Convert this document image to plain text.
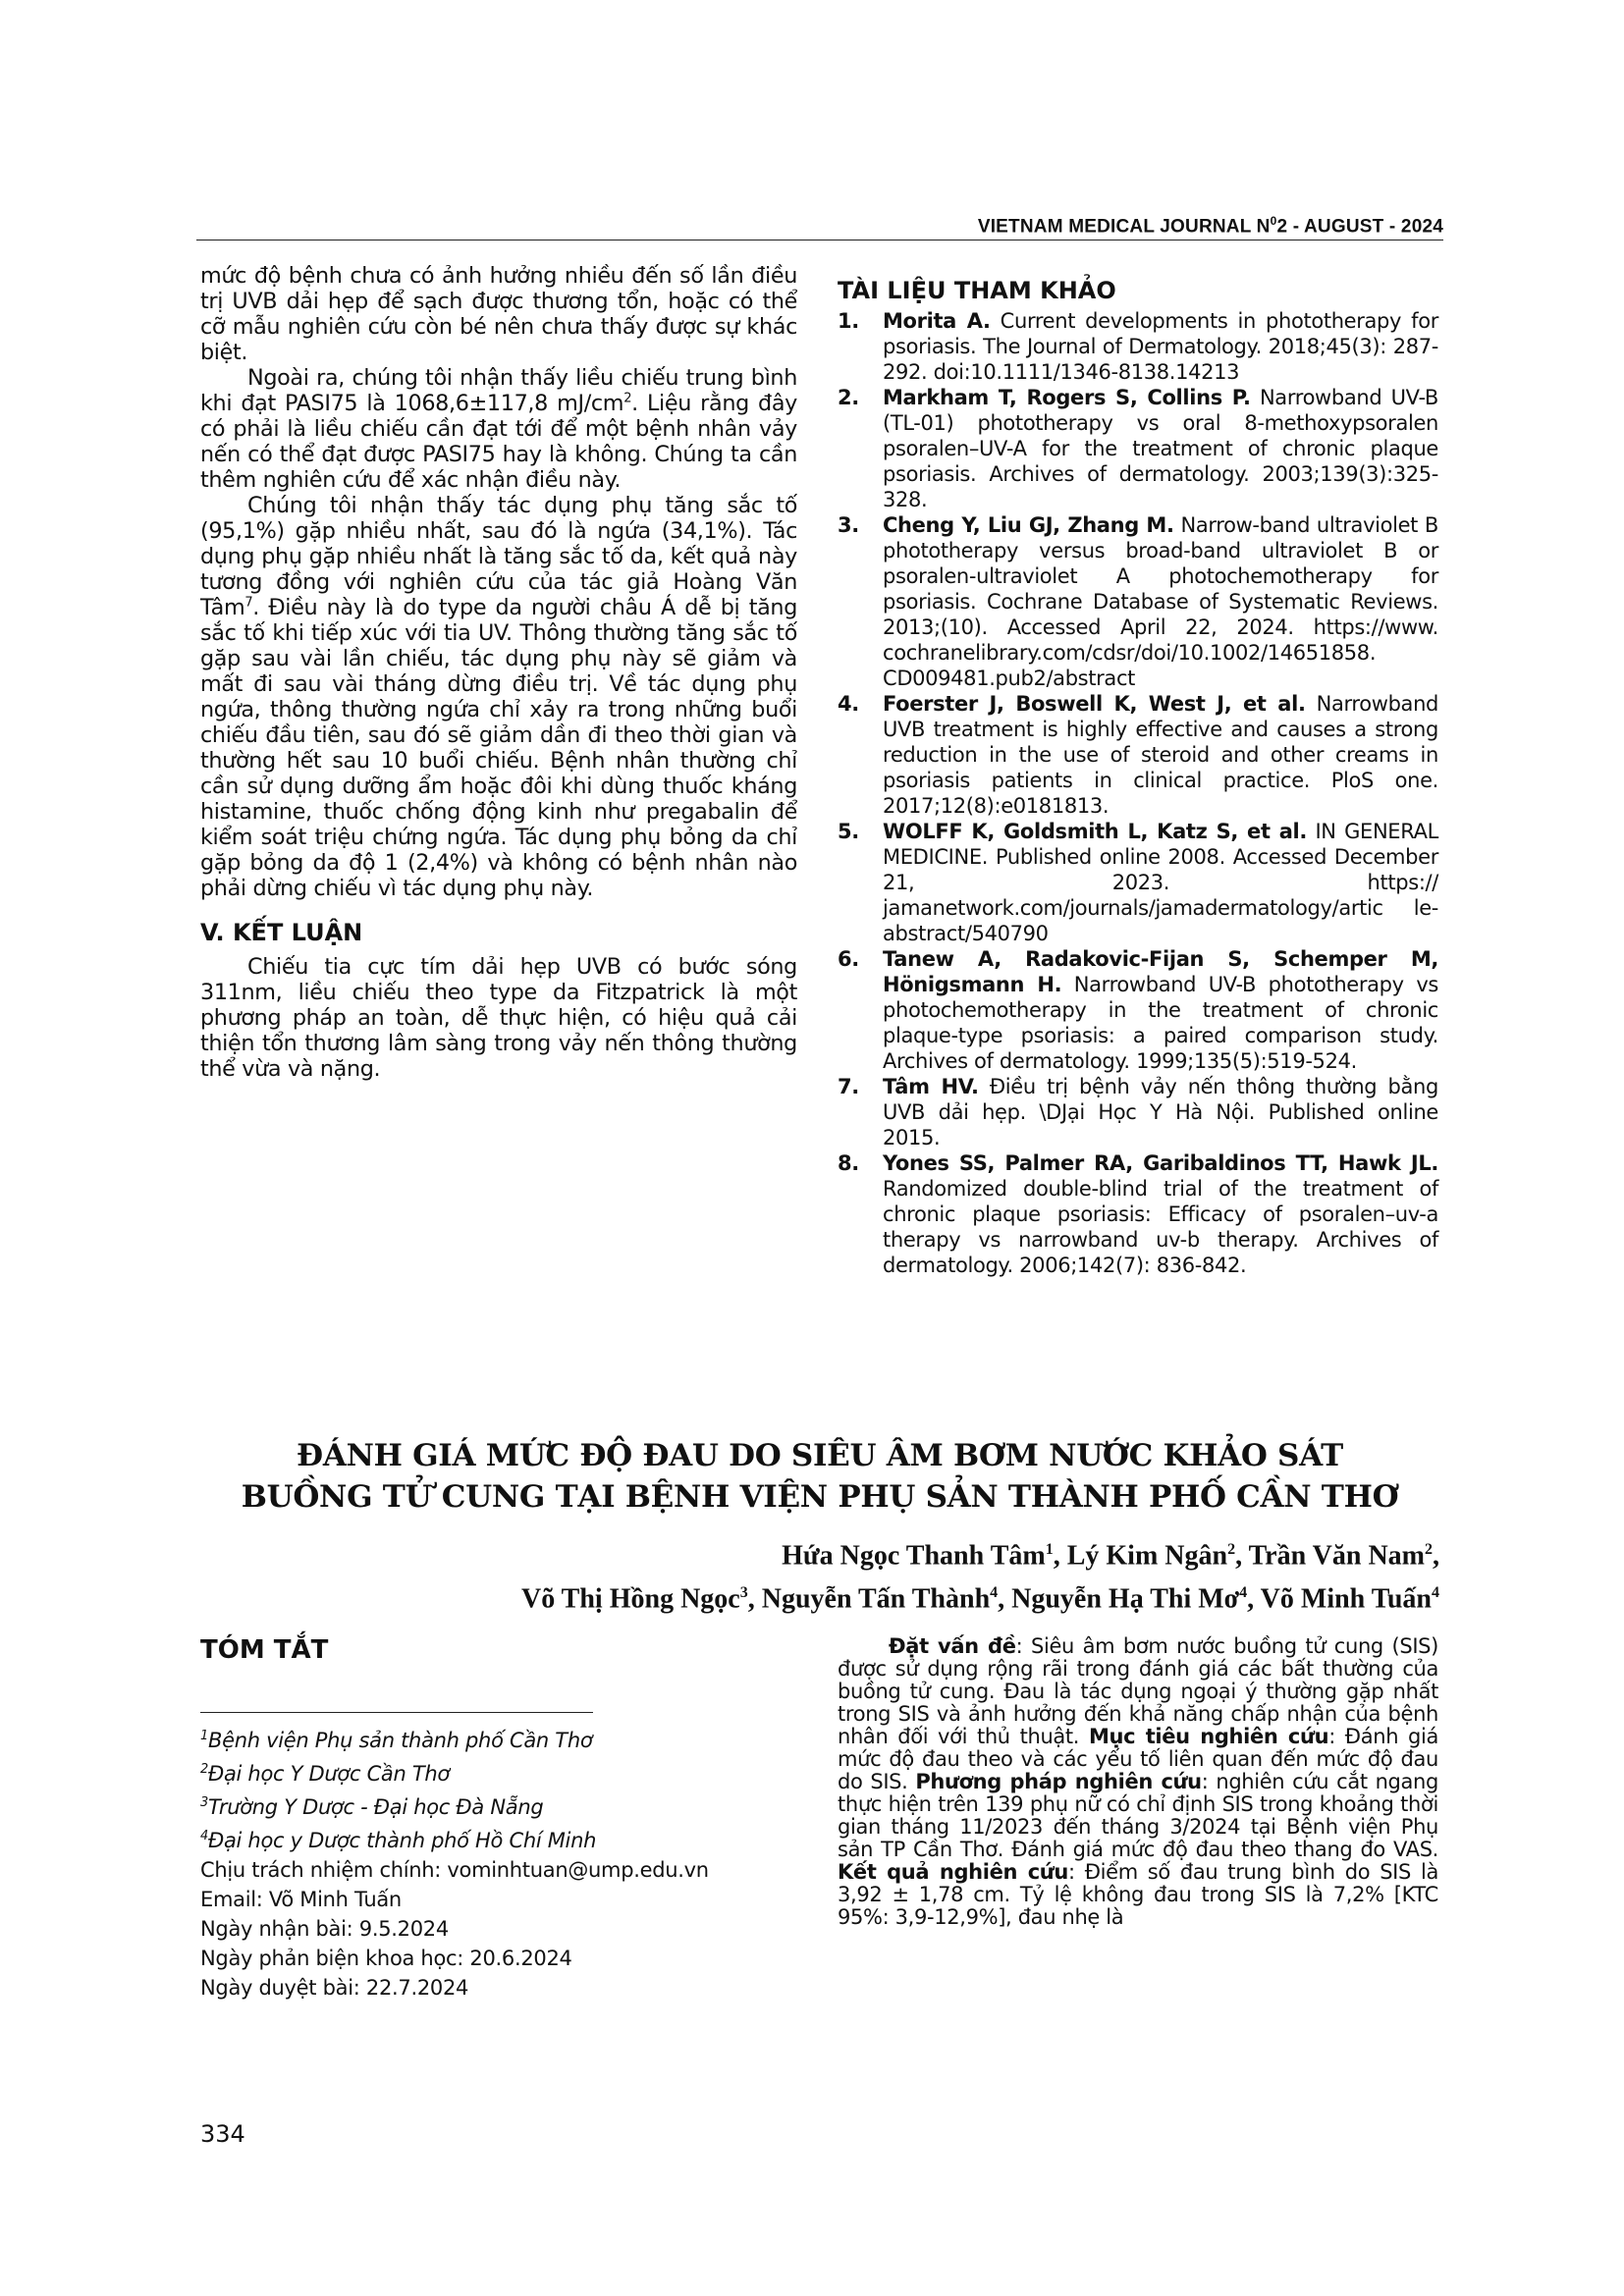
VIETNAM MEDICAL JOURNAL $N^02$ - AUGUST - 2024

mức độ bệnh chưa có ảnh hưởng nhiều đến số lần điều trị UVB dải hẹp để sạch được thương tổn, hoặc có thể cỡ mẫu nghiên cứu còn bé nên chưa thấy được sự khác biệt.

Ngoài ra, chúng tôi nhận thấy liều chiếu trung bình khi đạt PASI75 là 1068,6±117,8 $mJ/cm^2$. Liệu rằng đây có phải là liều chiếu cần đạt tới để một bệnh nhân vảy nến có thể đạt được PASI75 hay là không. Chúng ta cần thêm nghiên cứu để xác nhận điều này.

Chúng tôi nhận thấy tác dụng phụ tăng sắc tố (95,1%) gặp nhiều nhất, sau đó là ngứa (34,1%). Tác dụng phụ gặp nhiều nhất là tăng sắc tố da, kết quả này tương đồng với nghiên cứu của tác giả Hoàng Văn Tâm$^7$. Điều này là do type da người châu Á dễ bị tăng sắc tố khi tiếp xúc với tia UV. Thông thường tăng sắc tố gặp sau vài lần chiếu, tác dụng phụ này sẽ giảm và mất đi sau vài tháng dừng điều trị. Về tác dụng phụ ngứa, thông thường ngứa chỉ xảy ra trong những buổi chiếu đầu tiên, sau đó sẽ giảm dần đi theo thời gian và thường hết sau 10 buổi chiếu. Bệnh nhân thường chỉ cần sử dụng dưỡng ẩm hoặc đôi khi dùng thuốc kháng histamine, thuốc chống động kinh như pregabalin để kiểm soát triệu chứng ngứa. Tác dụng phụ bỏng da chỉ gặp bỏng da độ 1 (2,4%) và không có bệnh nhân nào phải dừng chiếu vì tác dụng phụ này.

V. KẾT LUẬN

Chiếu tia cực tím dải hẹp UVB có bước sóng 311nm, liều chiếu theo type da Fitzpatrick là một phương pháp an toàn, dễ thực hiện, có hiệu quả cải thiện tổn thương lâm sàng trong vảy nến thông thường thể vừa và nặng.

TÀI LIỆU THAM KHẢO
1. Morita A. Current developments in phototherapy for psoriasis. The Journal of Dermatology. 2018;45(3): 287-292. doi:10.1111/1346-8138.14213
2. Markham T, Rogers S, Collins P. Narrowband UV-B (TL-01) phototherapy vs oral 8-methoxypsoralen psoralen–UV-A for the treatment of chronic plaque psoriasis. Archives of dermatology. 2003;139(3):325-328.
3. Cheng Y, Liu GJ, Zhang M. Narrow-band ultraviolet B phototherapy versus broad-band ultraviolet B or psoralen-ultraviolet A photochemotherapy for psoriasis. Cochrane Database of Systematic Reviews. 2013;(10). Accessed April 22, 2024. https://www. cochranelibrary.com/cdsr/doi/10.1002/14651858. CD009481.pub2/abstract
4. Foerster J, Boswell K, West J, et al. Narrowband UVB treatment is highly effective and causes a strong reduction in the use of steroid and other creams in psoriasis patients in clinical practice. PloS one. 2017;12(8):e0181813.
5. WOLFF K, Goldsmith L, Katz S, et al. IN GENERAL MEDICINE. Published online 2008. Accessed December 21, 2023. https:// jamanetwork.com/journals/jamadermatology/artic le-abstract/540790
6. Tanew A, Radakovic-Fijan S, Schemper M, Hönigsmann H. Narrowband UV-B phototherapy vs photochemotherapy in the treatment of chronic plaque-type psoriasis: a paired comparison study. Archives of dermatology. 1999;135(5):519-524.
7. Tâm HV. Điều trị bệnh vảy nến thông thường bằng UVB dải hẹp. \DJại Học Y Hà Nội. Published online 2015.
8. Yones SS, Palmer RA, Garibaldinos TT, Hawk JL. Randomized double-blind trial of the treatment of chronic plaque psoriasis: Efficacy of psoralen–uv-a therapy vs narrowband uv-b therapy. Archives of dermatology. 2006;142(7): 836-842.
ĐÁNH GIÁ MỨC ĐỘ ĐAU DO SIÊU ÂM BƠM NƯỚC KHẢO SÁT
BUỒNG TỬ CUNG TẠI BỆNH VIỆN PHỤ SẢN THÀNH PHỐ CẦN THƠ
Hứa Ngọc Thanh Tâm$^1$, Lý Kim Ngân$^2$, Trần Văn Nam$^2$,
Võ Thị Hồng Ngọc$^3$, Nguyễn Tấn Thành$^4$, Nguyễn Hạ Thi $Mơ^4$, Võ Minh Tuấn$^4$
TÓM TẮT
$^1$Bệnh viện Phụ sản thành phố Cần Thơ
$^2$Đại học Y Dược Cần Thơ
$^3$Trường Y Dược - Đại học Đà Nẵng
$^4$Đại học y Dược thành phố Hồ Chí Minh
Chịu trách nhiệm chính: vominhtuan@ump.edu.vn
Email: Võ Minh Tuấn
Ngày nhận bài: 9.5.2024
Ngày phản biện khoa học: 20.6.2024
Ngày duyệt bài: 22.7.2024

Đặt vấn đề: Siêu âm bơm nước buồng tử cung (SIS) được sử dụng rộng rãi trong đánh giá các bất thường của buồng tử cung. Đau là tác dụng ngoại ý thường gặp nhất trong SIS và ảnh hưởng đến khả năng chấp nhận của bệnh nhân đối với thủ thuật. Mục tiêu nghiên cứu: Đánh giá mức độ đau theo và các yếu tố liên quan đến mức độ đau do SIS. Phương pháp nghiên cứu: nghiên cứu cắt ngang thực hiện trên 139 phụ nữ có chỉ định SIS trong khoảng thời gian tháng 11/2023 đến tháng 3/2024 tại Bệnh viện Phụ sản TP Cần Thơ. Đánh giá mức độ đau theo thang đo VAS. Kết quả nghiên cứu: Điểm số đau trung bình do SIS là 3,92 ± 1,78 cm. Tỷ lệ không đau trong SIS là 7,2% [KTC 95%: 3,9-12,9%], đau nhẹ là

334
